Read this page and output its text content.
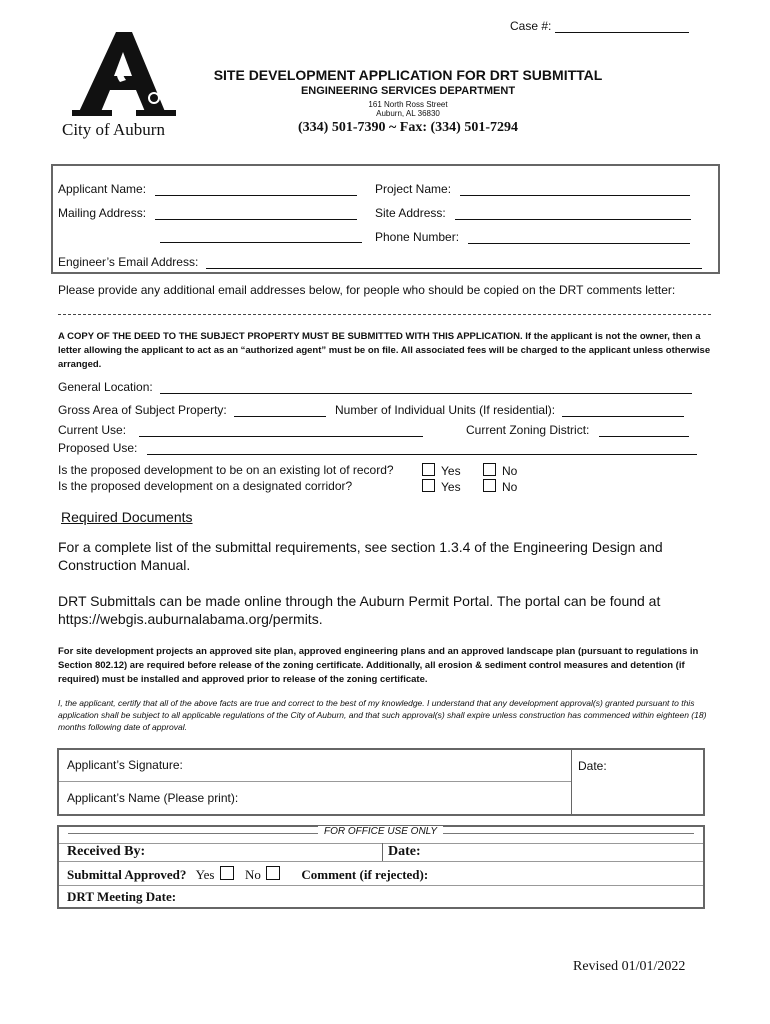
Case #:
City of Auburn
SITE DEVELOPMENT APPLICATION FOR DRT SUBMITTAL
ENGINEERING SERVICES DEPARTMENT
161 North Ross Street
Auburn, AL 36830
(334) 501-7390 ~ Fax: (334) 501-7294
Applicant Name:	Project Name:
Mailing Address:	Site Address:
Phone Number:
Engineer’s Email Address:
Please provide any additional email addresses below, for people who should be copied on the DRT comments letter:
A COPY OF THE DEED TO THE SUBJECT PROPERTY MUST BE SUBMITTED WITH THIS APPLICATION. If the applicant is not the owner, then a letter allowing the applicant to act as an “authorized agent” must be on file. All associated fees will be charged to the applicant unless otherwise arranged.
General Location:
Gross Area of Subject Property:	Number of Individual Units (If residential):
Current Use:	Current Zoning District:
Proposed Use:
Is the proposed development to be on an existing lot of record?	Yes	No
Is the proposed development on a designated corridor?	Yes	No
Required Documents
For a complete list of the submittal requirements, see section 1.3.4 of the Engineering Design and Construction Manual.
DRT Submittals can be made online through the Auburn Permit Portal. The portal can be found at https://webgis.auburnalabama.org/permits.
For site development projects an approved site plan, approved engineering plans and an approved landscape plan (pursuant to regulations in Section 802.12) are required before release of the zoning certificate. Additionally, all erosion & sediment control measures and detention (if required) must be installed and approved prior to release of the zoning certificate.
I, the applicant, certify that all of the above facts are true and correct to the best of my knowledge. I understand that any development approval(s) granted pursuant to this application shall be subject to all applicable regulations of the City of Auburn, and that such approval(s) shall expire unless construction has commenced within eighteen (18) months following date of approval.
Applicant’s Signature:	Date:
Applicant’s Name (Please print):
FOR OFFICE USE ONLY
Received By:	Date:
Submittal Approved? Yes No	Comment (if rejected):
DRT Meeting Date:
Revised 01/01/2022
